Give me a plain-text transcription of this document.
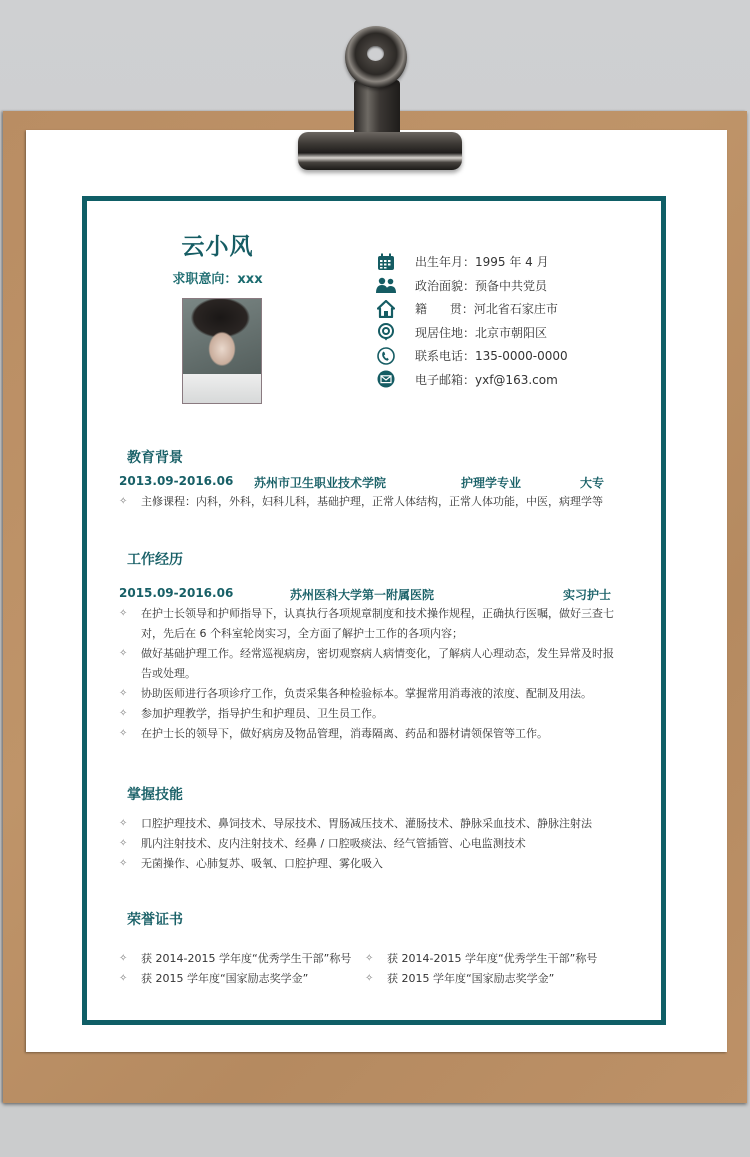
云小风
求职意向：xxx
出生年月：1995 年 4 月
政治面貌：预备中共党员
籍      贯：河北省石家庄市
现居住地：北京市朝阳区
联系电话：135-0000-0000
电子邮箱：yxf@163.com
教育背景
2013.09-2016.06 苏州市卫生职业技术学院	护理学专业	大专
✧ 主修课程：内科，外科，妇科儿科，基础护理，正常人体结构，正常人体功能，中医，病理学等
工作经历
2015.09-2016.06	苏州医科大学第一附属医院	实习护士
✧ 在护士长领导和护师指导下，认真执行各项规章制度和技术操作规程，正确执行医嘱，做好三查七对，先后在 6 个科室轮岗实习，全方面了解护士工作的各项内容；
✧ 做好基础护理工作。经常巡视病房，密切观察病人病情变化，了解病人心理动态，发生异常及时报告或处理。
✧ 协助医师进行各项诊疗工作，负责采集各种检验标本。掌握常用消毒液的浓度、配制及用法。
✧ 参加护理教学，指导护生和护理员、卫生员工作。
✧ 在护士长的领导下，做好病房及物品管理，消毒隔离、药品和器材请领保管等工作。
掌握技能
✧ 口腔护理技术、鼻饲技术、导尿技术、胃肠减压技术、灌肠技术、静脉采血技术、静脉注射法
✧ 肌内注射技术、皮内注射技术、经鼻 / 口腔吸痰法、经气管插管、心电监测技术
✧ 无菌操作、心肺复苏、吸氧、口腔护理、雾化吸入
荣誉证书
✧ 获 2014-2015 学年度“优秀学生干部”称号	✧ 获 2014-2015 学年度“优秀学生干部”称号
✧ 获 2015 学年度“国家励志奖学金”	✧ 获 2015 学年度“国家励志奖学金”
